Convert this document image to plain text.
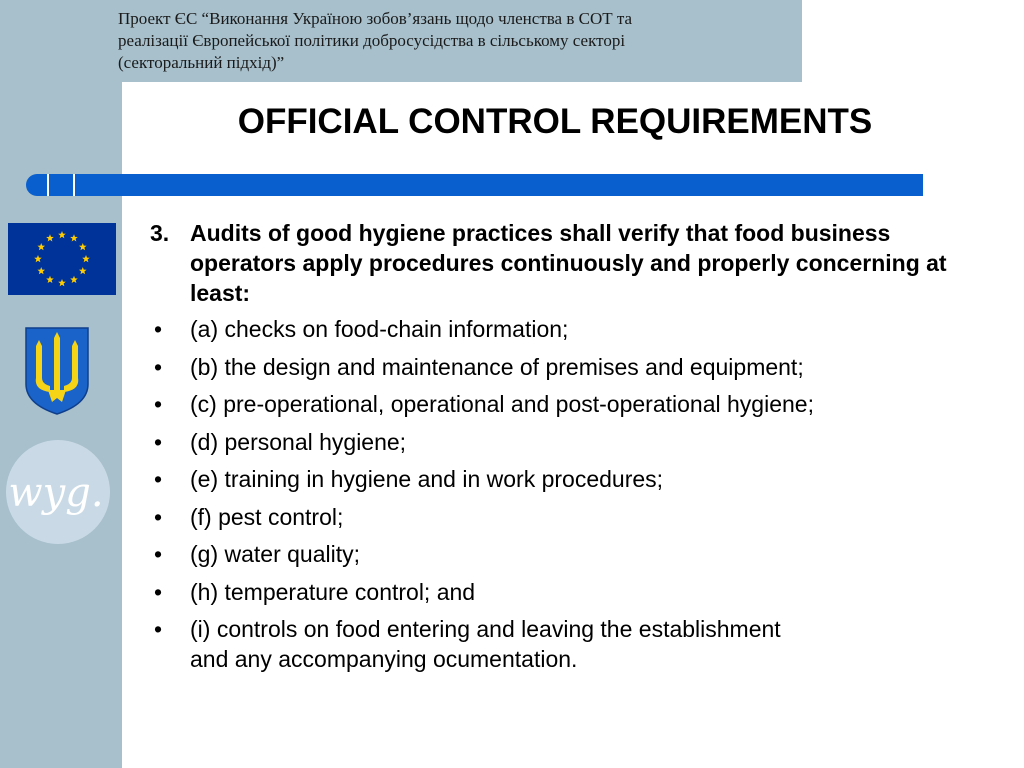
Проект ЄС “Виконання Україною зобов’язань щодо членства в СОТ та
реалізації Європейської політики добросусідства в сільському секторі
(секторальний підхід)”

OFFICIAL CONTROL REQUIREMENTS
wyg.

3. Audits of good hygiene practices shall verify that food business operators apply procedures continuously and properly concerning at least:

• (a) checks on food-chain information;
• (b) the design and maintenance of premises and equipment;
• (c) pre-operational, operational and post-operational hygiene;
• (d) personal hygiene;
• (e) training in hygiene and in work procedures;
• (f) pest control;
• (g) water quality;
• (h) temperature control; and
• (i) controls on food entering and leaving the establishment
and any accompanying ocumentation.
